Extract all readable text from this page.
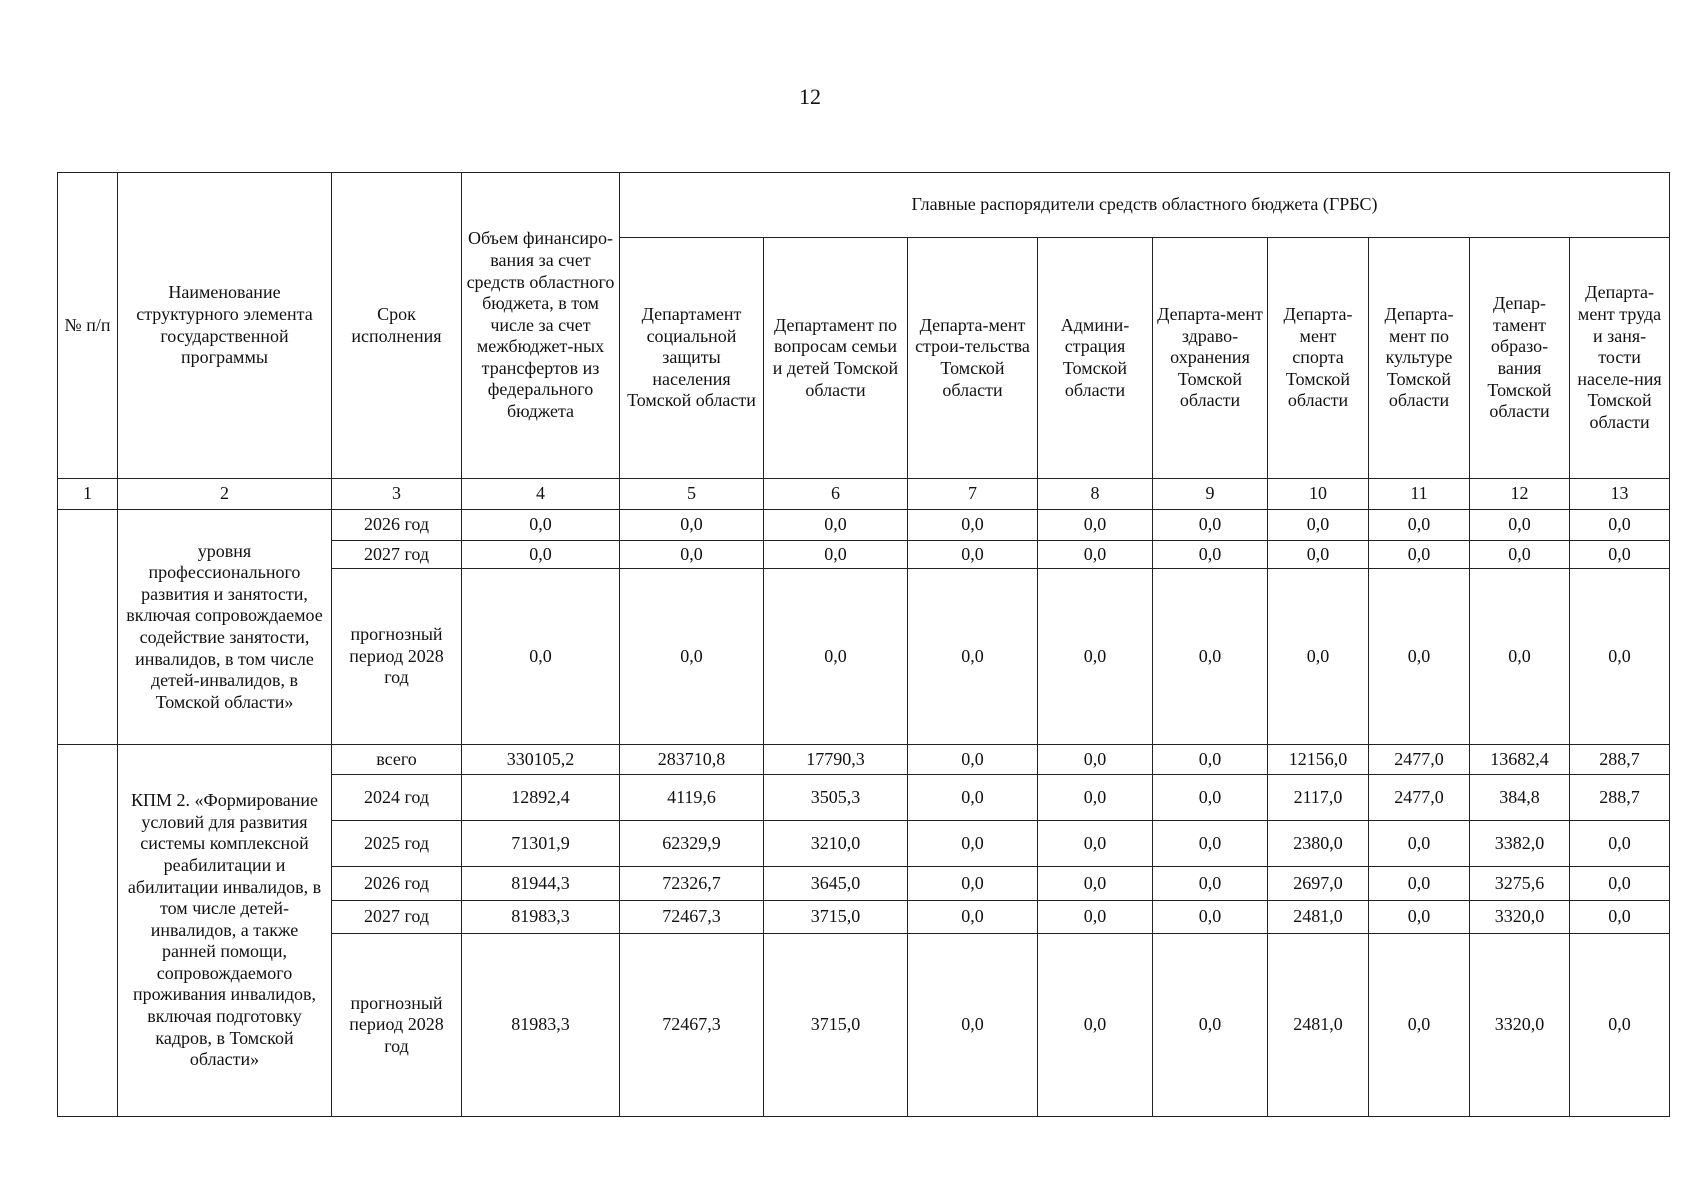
12
№ п/п	Наименование структурного элемента государственной программы	Срок исполнения	Объем финансиро-вания за счет средств областного бюджета, в том числе за счет межбюджет-ных трансфертов из федерального бюджета	Главные распорядители средств областного бюджета (ГРБС)								
				Департамент социальной защиты населения Томской области	Департамент по вопросам семьи и детей Томской области	Департа-мент строи-тельства Томской области	Админи-страция Томской области	Департа-мент здраво-охранения Томской области	Департа-мент спорта Томской области	Департа-мент по культуре Томской области	Депар-тамент образо-вания Томской области	Департа-мент труда и заня-тости населе-ния Томской области
1	2	3	4	5	6	7	8	9	10	11	12	13
	уровня профессионального развития и занятости, включая сопровождаемое содействие занятости, инвалидов, в том числе детей-инвалидов, в Томской области»	2026 год	0,0	0,0	0,0	0,0	0,0	0,0	0,0	0,0	0,0	0,0
		2027 год	0,0	0,0	0,0	0,0	0,0	0,0	0,0	0,0	0,0	0,0
		прогнозный период 2028 год	0,0	0,0	0,0	0,0	0,0	0,0	0,0	0,0	0,0	0,0
	КПМ 2. «Формирование условий для развития системы комплексной реабилитации и абилитации инвалидов, в том числе детей-инвалидов, а также ранней помощи, сопровождаемого проживания инвалидов, включая подготовку кадров, в Томской области»	всего	330105,2	283710,8	17790,3	0,0	0,0	0,0	12156,0	2477,0	13682,4	288,7
		2024 год	12892,4	4119,6	3505,3	0,0	0,0	0,0	2117,0	2477,0	384,8	288,7
		2025 год	71301,9	62329,9	3210,0	0,0	0,0	0,0	2380,0	0,0	3382,0	0,0
		2026 год	81944,3	72326,7	3645,0	0,0	0,0	0,0	2697,0	0,0	3275,6	0,0
		2027 год	81983,3	72467,3	3715,0	0,0	0,0	0,0	2481,0	0,0	3320,0	0,0
		прогнозный период 2028 год	81983,3	72467,3	3715,0	0,0	0,0	0,0	2481,0	0,0	3320,0	0,0
